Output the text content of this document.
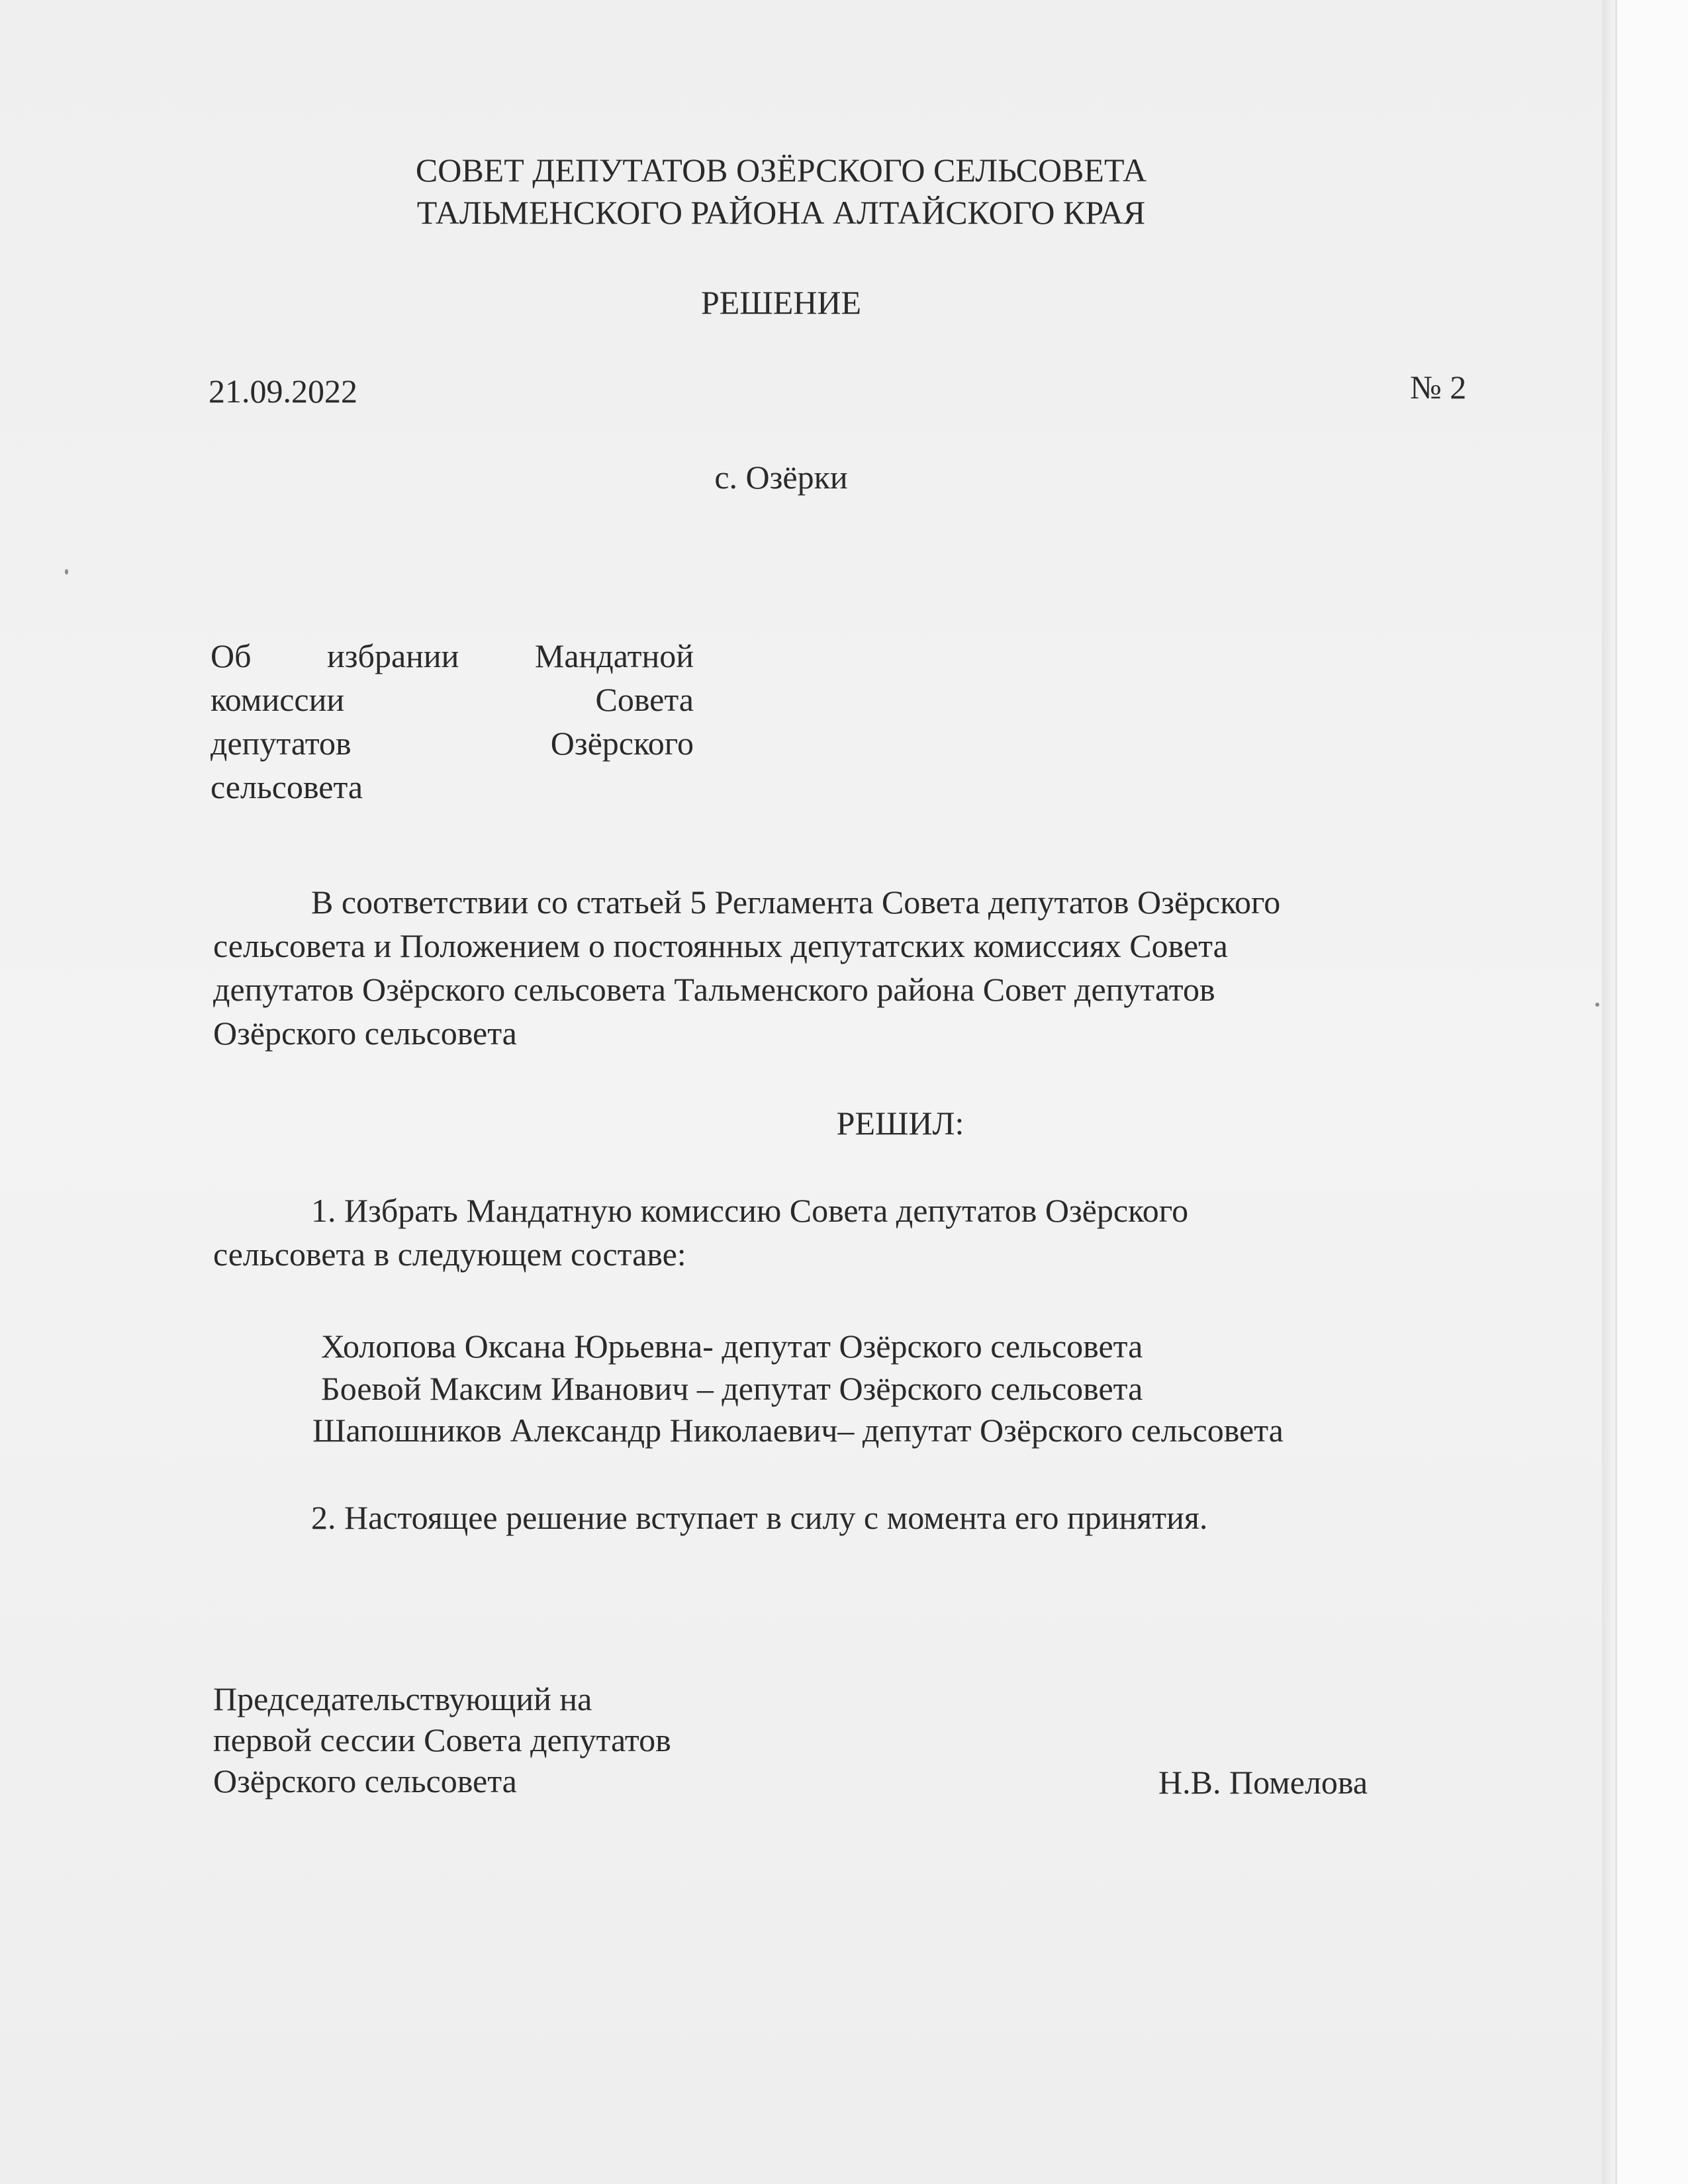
СОВЕТ ДЕПУТАТОВ ОЗЁРСКОГО СЕЛЬСОВЕТА
ТАЛЬМЕНСКОГО РАЙОНА АЛТАЙСКОГО КРАЯ
РЕШЕНИЕ
21.09.2022	№ 2
с. Озёрки
Об избрании Мандатной
комиссии	Совета
депутатов	Озёрского
сельсовета
В соответствии со статьей 5 Регламента Совета депутатов Озёрского
сельсовета и Положением о постоянных депутатских комиссиях Совета
депутатов Озёрского сельсовета Тальменского района Совет депутатов
Озёрского сельсовета
РЕШИЛ:
1. Избрать Мандатную комиссию Совета депутатов Озёрского
сельсовета в следующем составе:
Холопова Оксана Юрьевна- депутат Озёрского сельсовета
Боевой Максим Иванович – депутат Озёрского сельсовета
Шапошников Александр Николаевич– депутат Озёрского сельсовета
2. Настоящее решение вступает в силу с момента его принятия.
Председательствующий на
первой сессии Совета депутатов
Озёрского сельсовета	Н.В. Помелова
